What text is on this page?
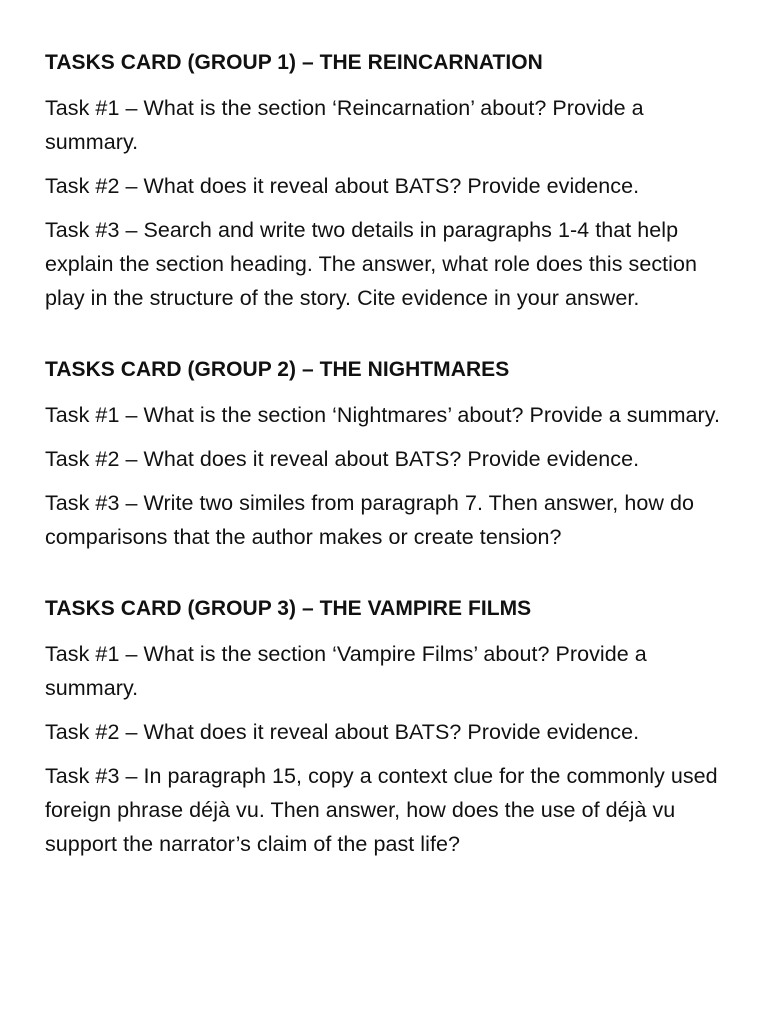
TASKS CARD (GROUP 1) – THE REINCARNATION

Task #1 – What is the section ‘Reincarnation’ about? Provide a summary.

Task #2 – What does it reveal about BATS? Provide evidence.

Task #3 – Search and write two details in paragraphs 1-4 that help explain the section heading. The answer, what role does this section play in the structure of the story. Cite evidence in your answer.

TASKS CARD (GROUP 2) – THE NIGHTMARES

Task #1 – What is the section ‘Nightmares’ about? Provide a summary.

Task #2 – What does it reveal about BATS? Provide evidence.

Task #3 – Write two similes from paragraph 7. Then answer, how do comparisons that the author makes or create tension?

TASKS CARD (GROUP 3) – THE VAMPIRE FILMS

Task #1 – What is the section ‘Vampire Films’ about? Provide a summary.

Task #2 – What does it reveal about BATS? Provide evidence.

Task #3 – In paragraph 15, copy a context clue for the commonly used foreign phrase déjà vu. Then answer, how does the use of déjà vu support the narrator’s claim of the past life?
